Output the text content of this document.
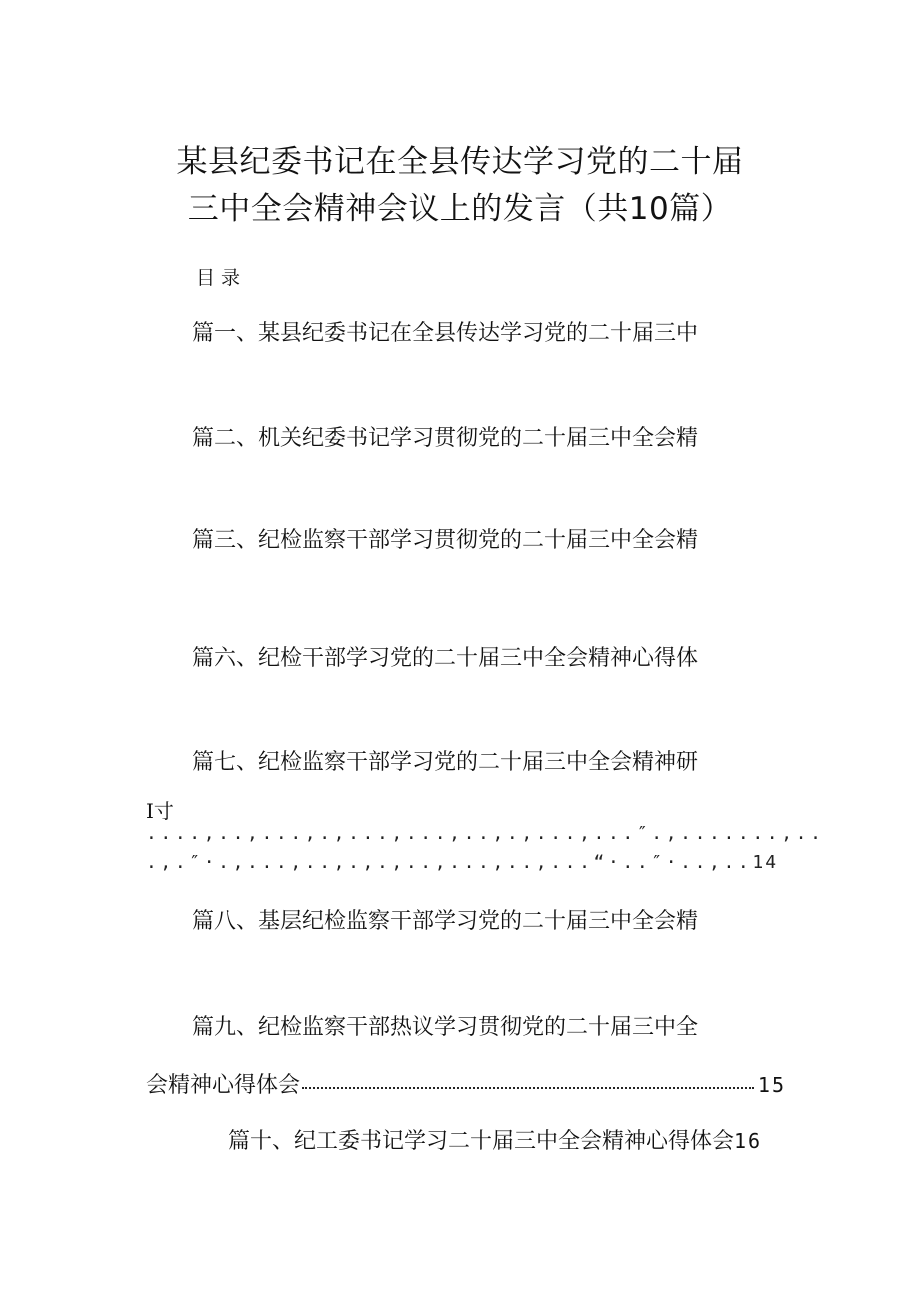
某县纪委书记在全县传达学习党的二十届
三中全会精神会议上的发言（共10篇）
目录
篇一、某县纪委书记在全县传达学习党的二十届三中
篇二、机关纪委书记学习贯彻党的二十届三中全会精
篇三、纪检监察干部学习贯彻党的二十届三中全会精
篇六、纪检干部学习党的二十届三中全会精神心得体
篇七、纪检监察干部学习党的二十届三中全会精神研
I寸
....,..,...,.,...,...,..,.,...,...″.,.......,..
.,.″·.,...,..,.,.,..,...,..,...“·..″·..,..14
篇八、基层纪检监察干部学习党的二十届三中全会精
篇九、纪检监察干部热议学习贯彻党的二十届三中全
会精神心得体会	15
篇十、纪工委书记学习二十届三中全会精神心得体会16
